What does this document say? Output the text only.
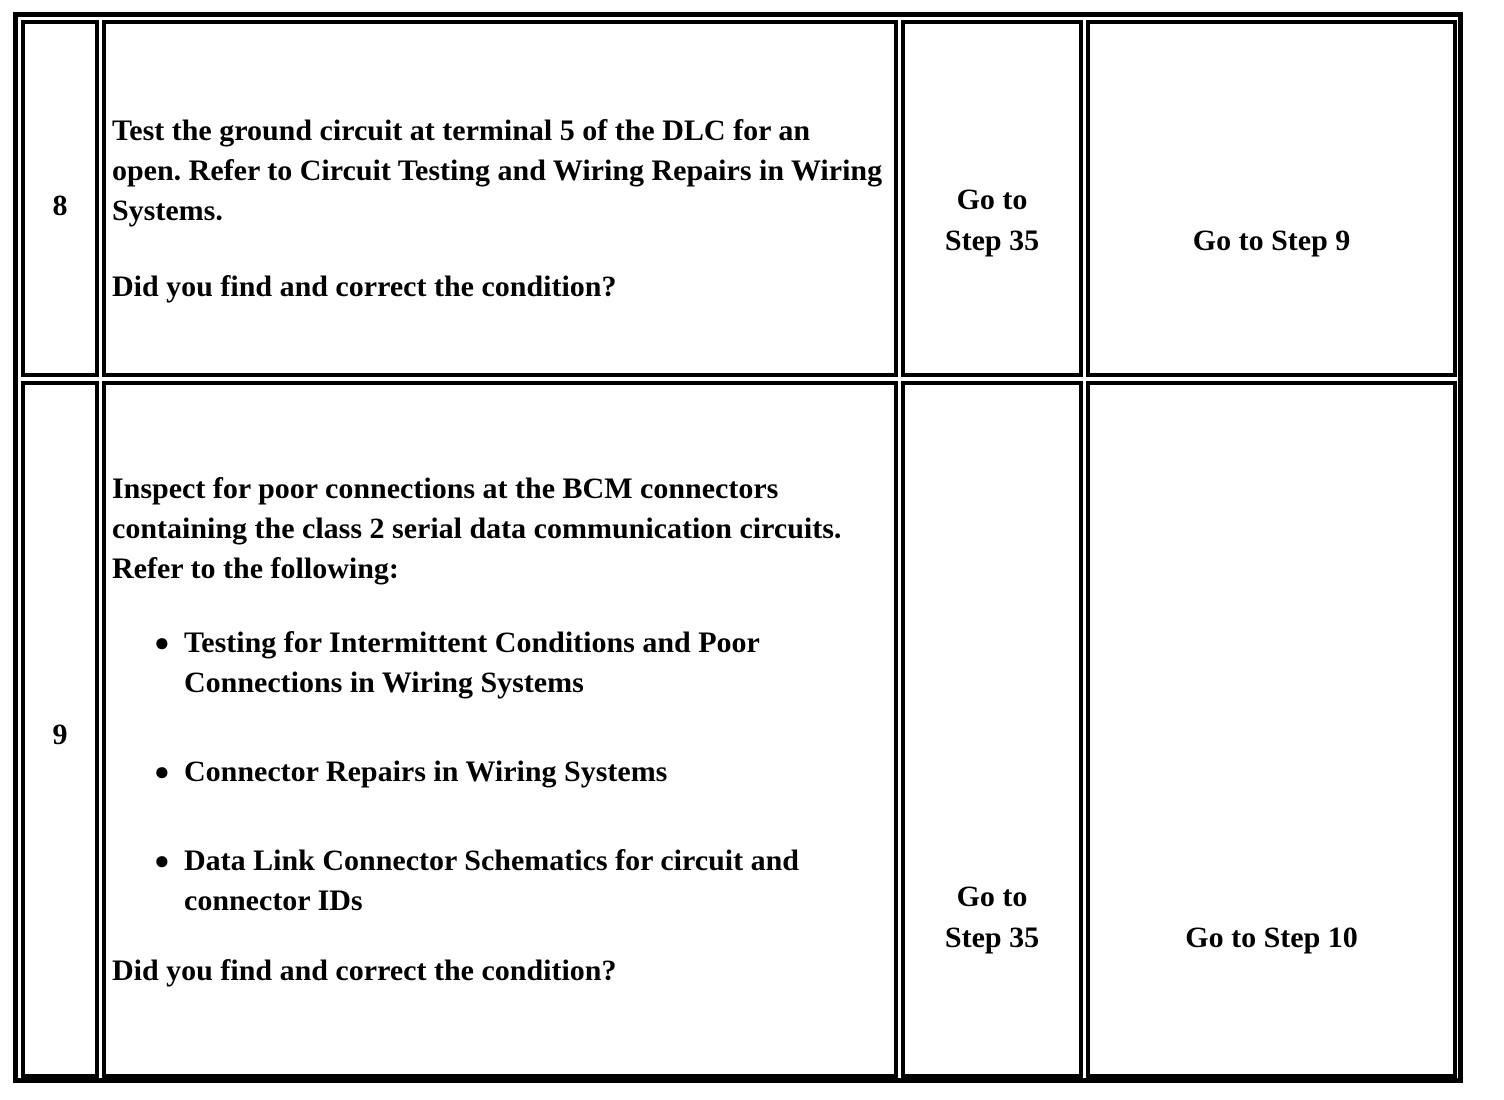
8

Test the ground circuit at terminal 5 of the DLC for an open. Refer to Circuit Testing and Wiring Repairs in Wiring Systems.

Did you find and correct the condition?

Go to
Step 35	Go to Step 9
9

Inspect for poor connections at the BCM connectors containing the class 2 serial data communication circuits. Refer to the following:

● Testing for Intermittent Conditions and Poor Connections in Wiring Systems
● Connector Repairs in Wiring Systems
● Data Link Connector Schematics for circuit and connector IDs

Did you find and correct the condition?

Go to
Step 35	Go to Step 10
